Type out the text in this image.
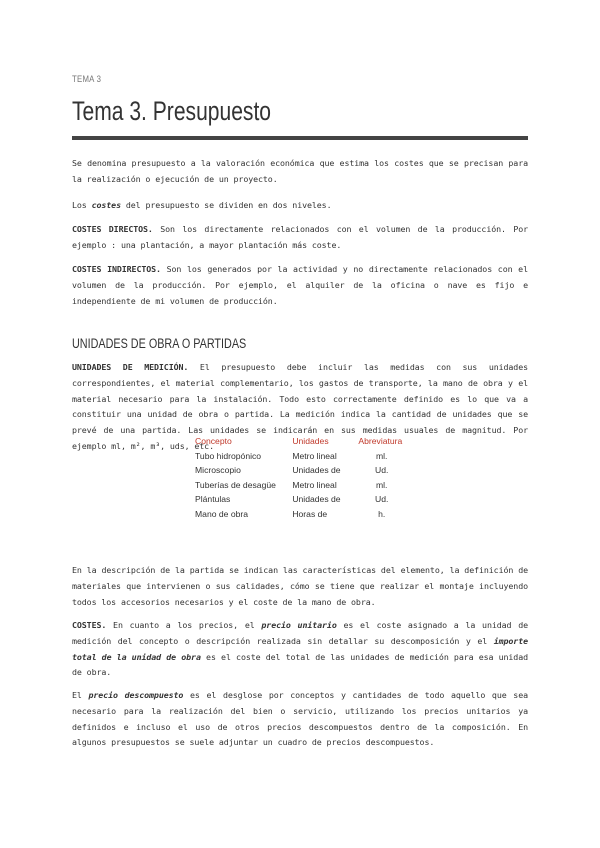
TEMA 3
Tema 3. Presupuesto

Se denomina presupuesto a la valoración económica que estima los costes que se precisan para la realización o ejecución de un proyecto.

Los costes del presupuesto se dividen en dos niveles.

COSTES DIRECTOS. Son los directamente relacionados con el volumen de la producción. Por ejemplo : una plantación, a mayor plantación más coste.

COSTES INDIRECTOS. Son los generados por la actividad y no directamente relacionados con el volumen de la producción. Por ejemplo, el alquiler de la oficina o nave es fijo e independiente de mi volumen de producción.

UNIDADES DE OBRA O PARTIDAS

UNIDADES DE MEDICIÓN. El presupuesto debe incluir las medidas con sus unidades correspondientes, el material complementario, los gastos de transporte, la mano de obra y el material necesario para la instalación. Todo esto correctamente definido es lo que va a constituir una unidad de obra o partida. La medición indica la cantidad de unidades que se prevé de una partida. Las unidades se indicarán en sus medidas usuales de magnitud. Por ejemplo ml, m², m³, uds, etc.

Concepto	Unidades	Abreviatura
Tubo hidropónico	Metro lineal	ml.
Microscopio	Unidades de	Ud.
Tuberías de desagüe	Metro lineal	ml.
Plántulas	Unidades de	Ud.
Mano de obra	Horas de	h.

En la descripción de la partida se indican las características del elemento, la definición de materiales que intervienen o sus calidades, cómo se tiene que realizar el montaje incluyendo todos los accesorios necesarios y el coste de la mano de obra.

COSTES. En cuanto a los precios, el precio unitario es el coste asignado a la unidad de medición del concepto o descripción realizada sin detallar su descomposición y el importe total de la unidad de obra es el coste del total de las unidades de medición para esa unidad de obra.

El precio descompuesto es el desglose por conceptos y cantidades de todo aquello que sea necesario para la realización del bien o servicio, utilizando los precios unitarios ya definidos e incluso el uso de otros precios descompuestos dentro de la composición. En algunos presupuestos se suele adjuntar un cuadro de precios descompuestos.
